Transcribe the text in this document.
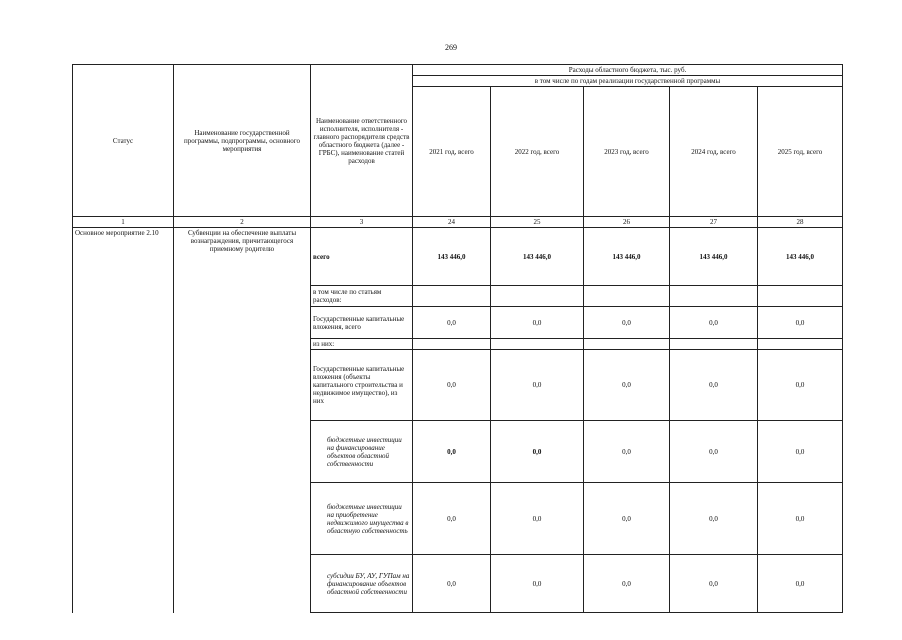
269
Статус	Наименование государственной программы, подпрограммы, основного мероприятия	Наименование ответственного исполнителя, исполнителя - главного распорядителя средств областного бюджета (далее - ГРБС), наименование статей расходов	Расходы областного бюджета, тыс. руб.				
			в том числе по годам реализации государственной программы				
			2021 год, всего	2022 год, всего	2023 год, всего	2024 год, всего	2025 год, всего
1	2	3	24	25	26	27	28
Основное мероприятие 2.10	Субвенции на обеспечение выплаты вознаграждения, причитающегося приемному родителю	всего	143 446,0	143 446,0	143 446,0	143 446,0	143 446,0
		в том числе по статьям расходов:					
		Государственные капитальные вложения, всего	0,0	0,0	0,0	0,0	0,0
		из них:					
		Государственные капитальные вложения (объекты капитального строительства и недвижимое имущество), из них	0,0	0,0	0,0	0,0	0,0
		бюджетные инвестиции на финансирование объектов областной собственности	0,0	0,0	0,0	0,0	0,0
		бюджетные инвестиции на приобретение недвижимого имущества в областную собственность	0,0	0,0	0,0	0,0	0,0
		субсидии БУ, АУ, ГУПам на финансирование объектов областной собственности	0,0	0,0	0,0	0,0	0,0
